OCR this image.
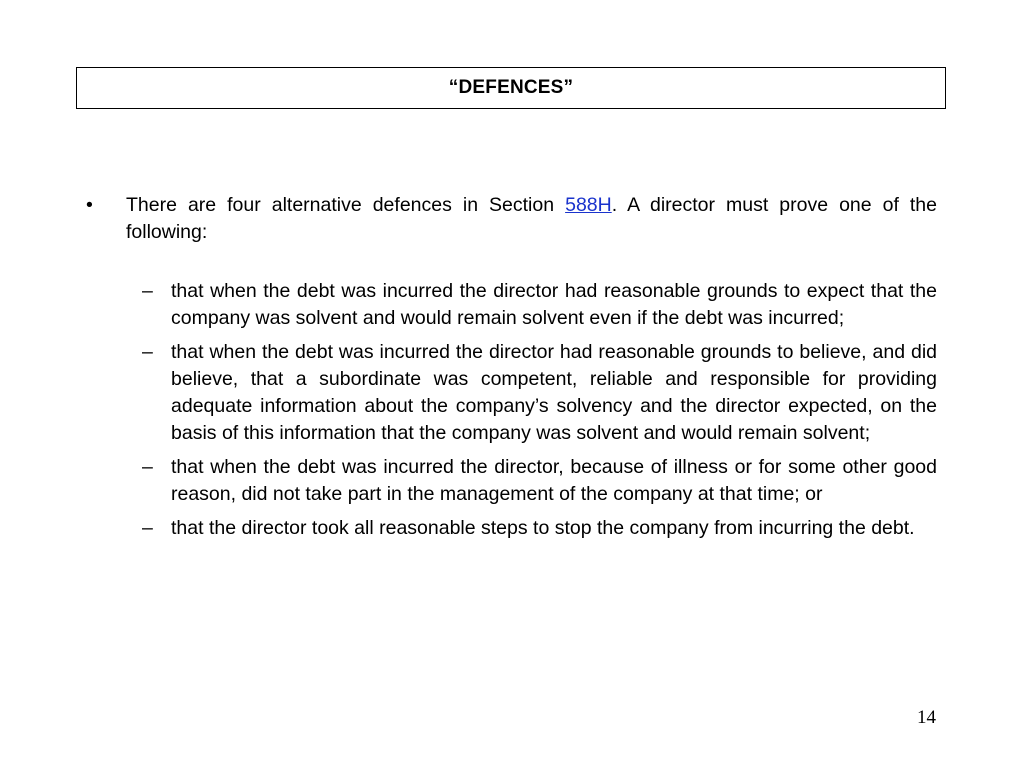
“DEFENCES”
• There are four alternative defences in Section 588H. A director must prove one of the following:
– that when the debt was incurred the director had reasonable grounds to expect that the company was solvent and would remain solvent even if the debt was incurred;
– that when the debt was incurred the director had reasonable grounds to believe, and did believe, that a subordinate was competent, reliable and responsible for providing adequate information about the company’s solvency and the director expected, on the basis of this information that the company was solvent and would remain solvent;
– that when the debt was incurred the director, because of illness or for some other good reason, did not take part in the management of the company at that time; or
– that the director took all reasonable steps to stop the company from incurring the debt.
14
